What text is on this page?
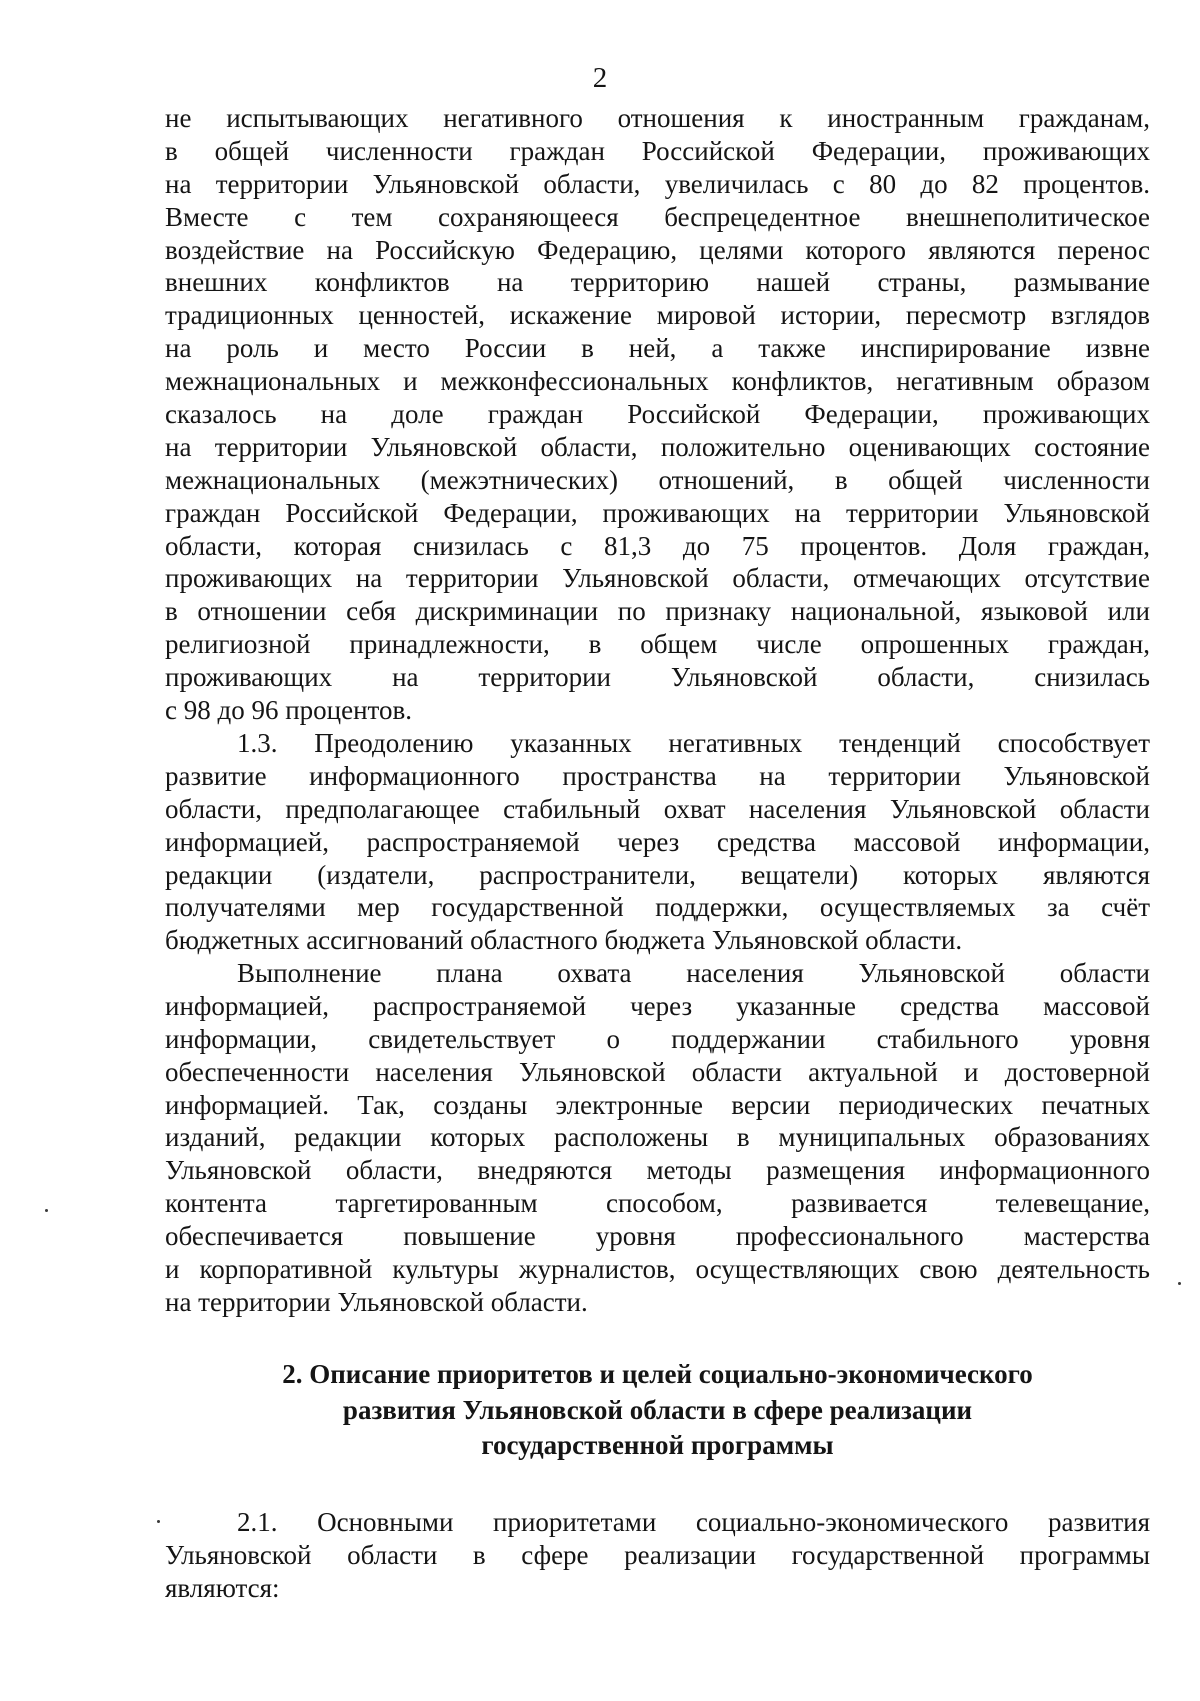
2
не испытывающих негативного отношения к иностранным гражданам,
в общей численности граждан Российской Федерации, проживающих
на территории Ульяновской области, увеличилась с 80 до 82 процентов.
Вместе с тем сохраняющееся беспрецедентное внешнеполитическое
воздействие на Российскую Федерацию, целями которого являются перенос
внешних конфликтов на территорию нашей страны, размывание
традиционных ценностей, искажение мировой истории, пересмотр взглядов
на роль и место России в ней, а также инспирирование извне
межнациональных и межконфессиональных конфликтов, негативным образом
сказалось на доле граждан Российской Федерации, проживающих
на территории Ульяновской области, положительно оценивающих состояние
межнациональных (межэтнических) отношений, в общей численности
граждан Российской Федерации, проживающих на территории Ульяновской
области, которая снизилась с 81,3 до 75 процентов. Доля граждан,
проживающих на территории Ульяновской области, отмечающих отсутствие
в отношении себя дискриминации по признаку национальной, языковой или
религиозной принадлежности, в общем числе опрошенных граждан,
проживающих на территории Ульяновской области, снизилась
с 98 до 96 процентов.
1.3. Преодолению указанных негативных тенденций способствует
развитие информационного пространства на территории Ульяновской
области, предполагающее стабильный охват населения Ульяновской области
информацией, распространяемой через средства массовой информации,
редакции (издатели, распространители, вещатели) которых являются
получателями мер государственной поддержки, осуществляемых за счёт
бюджетных ассигнований областного бюджета Ульяновской области.
Выполнение плана охвата населения Ульяновской области
информацией, распространяемой через указанные средства массовой
информации, свидетельствует о поддержании стабильного уровня
обеспеченности населения Ульяновской области актуальной и достоверной
информацией. Так, созданы электронные версии периодических печатных
изданий, редакции которых расположены в муниципальных образованиях
Ульяновской области, внедряются методы размещения информационного
контента таргетированным способом, развивается телевещание,
обеспечивается повышение уровня профессионального мастерства
и корпоративной культуры журналистов, осуществляющих свою деятельность
на территории Ульяновской области.
2. Описание приоритетов и целей социально-экономического
развития Ульяновской области в сфере реализации
государственной программы
2.1. Основными приоритетами социально-экономического развития
Ульяновской области в сфере реализации государственной программы
являются:
